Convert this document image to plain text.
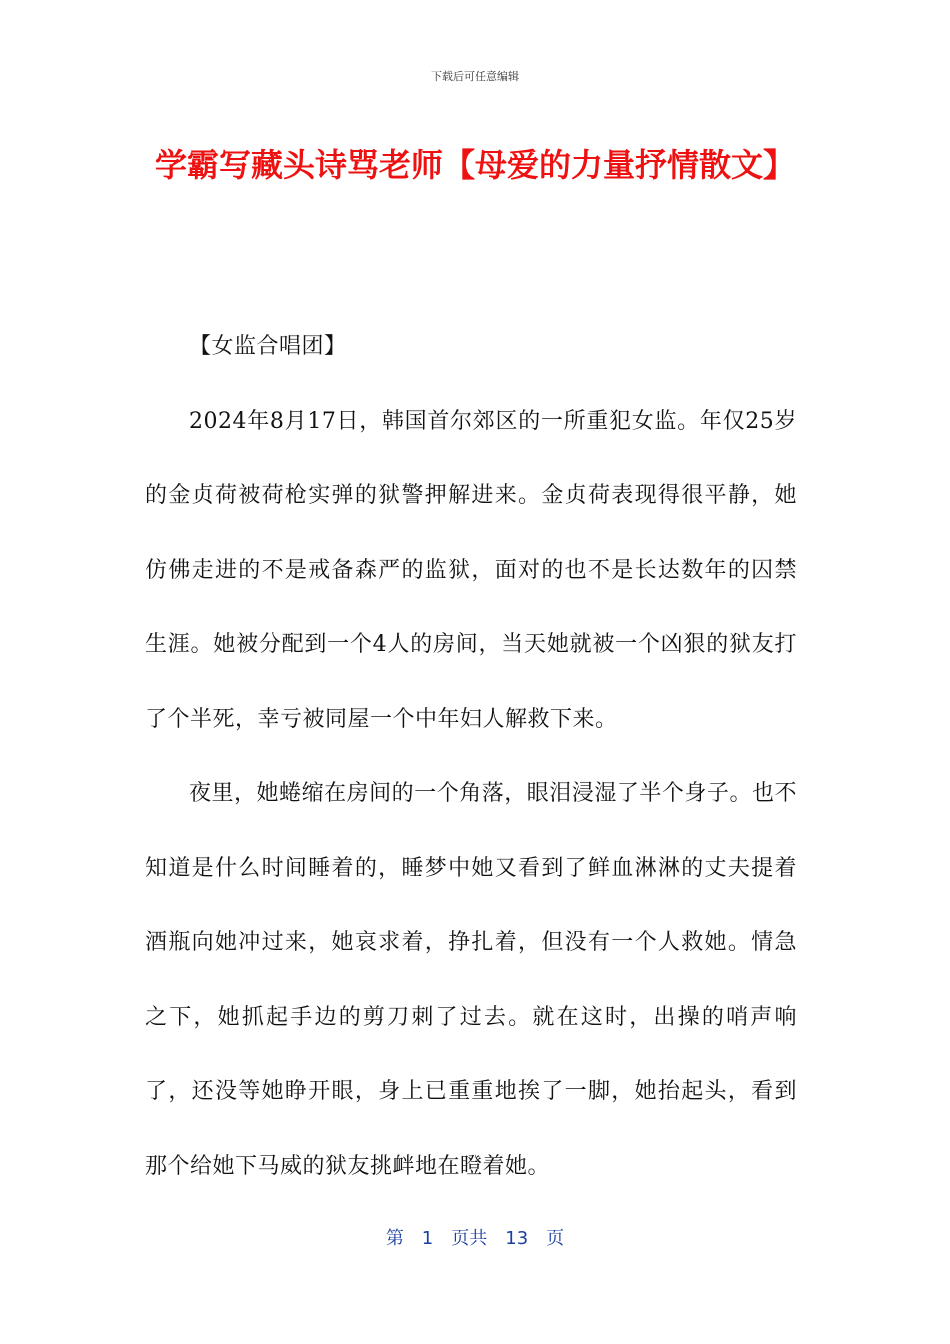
下载后可任意编辑
学霸写藏头诗骂老师【母爱的力量抒情散文】

【女监合唱团】

2024年8月17日，韩国首尔郊区的一所重犯女监。年仅25岁的金贞荷被荷枪实弹的狱警押解进来。金贞荷表现得很平静，她仿佛走进的不是戒备森严的监狱，面对的也不是长达数年的囚禁生涯。她被分配到一个4人的房间，当天她就被一个凶狠的狱友打了个半死，幸亏被同屋一个中年妇人解救下来。

夜里，她蜷缩在房间的一个角落，眼泪浸湿了半个身子。也不知道是什么时间睡着的，睡梦中她又看到了鲜血淋淋的丈夫提着酒瓶向她冲过来，她哀求着，挣扎着，但没有一个人救她。情急之下，她抓起手边的剪刀刺了过去。就在这时，出操的哨声响了，还没等她睁开眼，身上已重重地挨了一脚，她抬起头，看到那个给她下马威的狱友挑衅地在瞪着她。

第　1　页共　13　页
